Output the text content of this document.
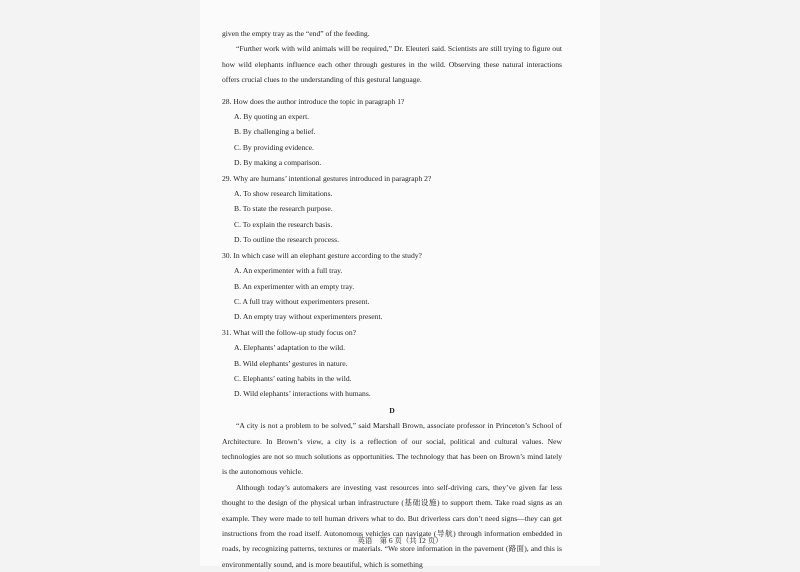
given the empty tray as the “end” of the feeding.

“Further work with wild animals will be required,” Dr. Eleuteri said. Scientists are still trying to figure out how wild elephants influence each other through gestures in the wild. Observing these natural interactions offers crucial clues to the understanding of this gestural language.

28. How does the author introduce the topic in paragraph 1?

A. By quoting an expert.
B. By challenging a belief.
C. By providing evidence.
D. By making a comparison.

29. Why are humans’ intentional gestures introduced in paragraph 2?

A. To show research limitations.
B. To state the research purpose.
C. To explain the research basis.
D. To outline the research process.

30. In which case will an elephant gesture according to the study?

A. An experimenter with a full tray.
B. An experimenter with an empty tray.
C. A full tray without experimenters present.
D. An empty tray without experimenters present.

31. What will the follow-up study focus on?

A. Elephants’ adaptation to the wild.
B. Wild elephants’ gestures in nature.
C. Elephants’ eating habits in the wild.
D. Wild elephants’ interactions with humans.

D

“A city is not a problem to be solved,” said Marshall Brown, associate professor in Princeton’s School of Architecture. In Brown’s view, a city is a reflection of our social, political and cultural values. New technologies are not so much solutions as opportunities. The technology that has been on Brown’s mind lately is the autonomous vehicle.

Although today’s automakers are investing vast resources into self-driving cars, they’ve given far less thought to the design of the physical urban infrastructure (基础设施) to support them. Take road signs as an example. They were made to tell human drivers what to do. But driverless cars don’t need signs—they can get instructions from the road itself. Autonomous vehicles can navigate (导航) through information embedded in roads, by recognizing patterns, textures or materials. “We store information in the pavement (路面), and this is environmentally sound, and is more beautiful, which is something

英语　第 6 页（共 12 页）
